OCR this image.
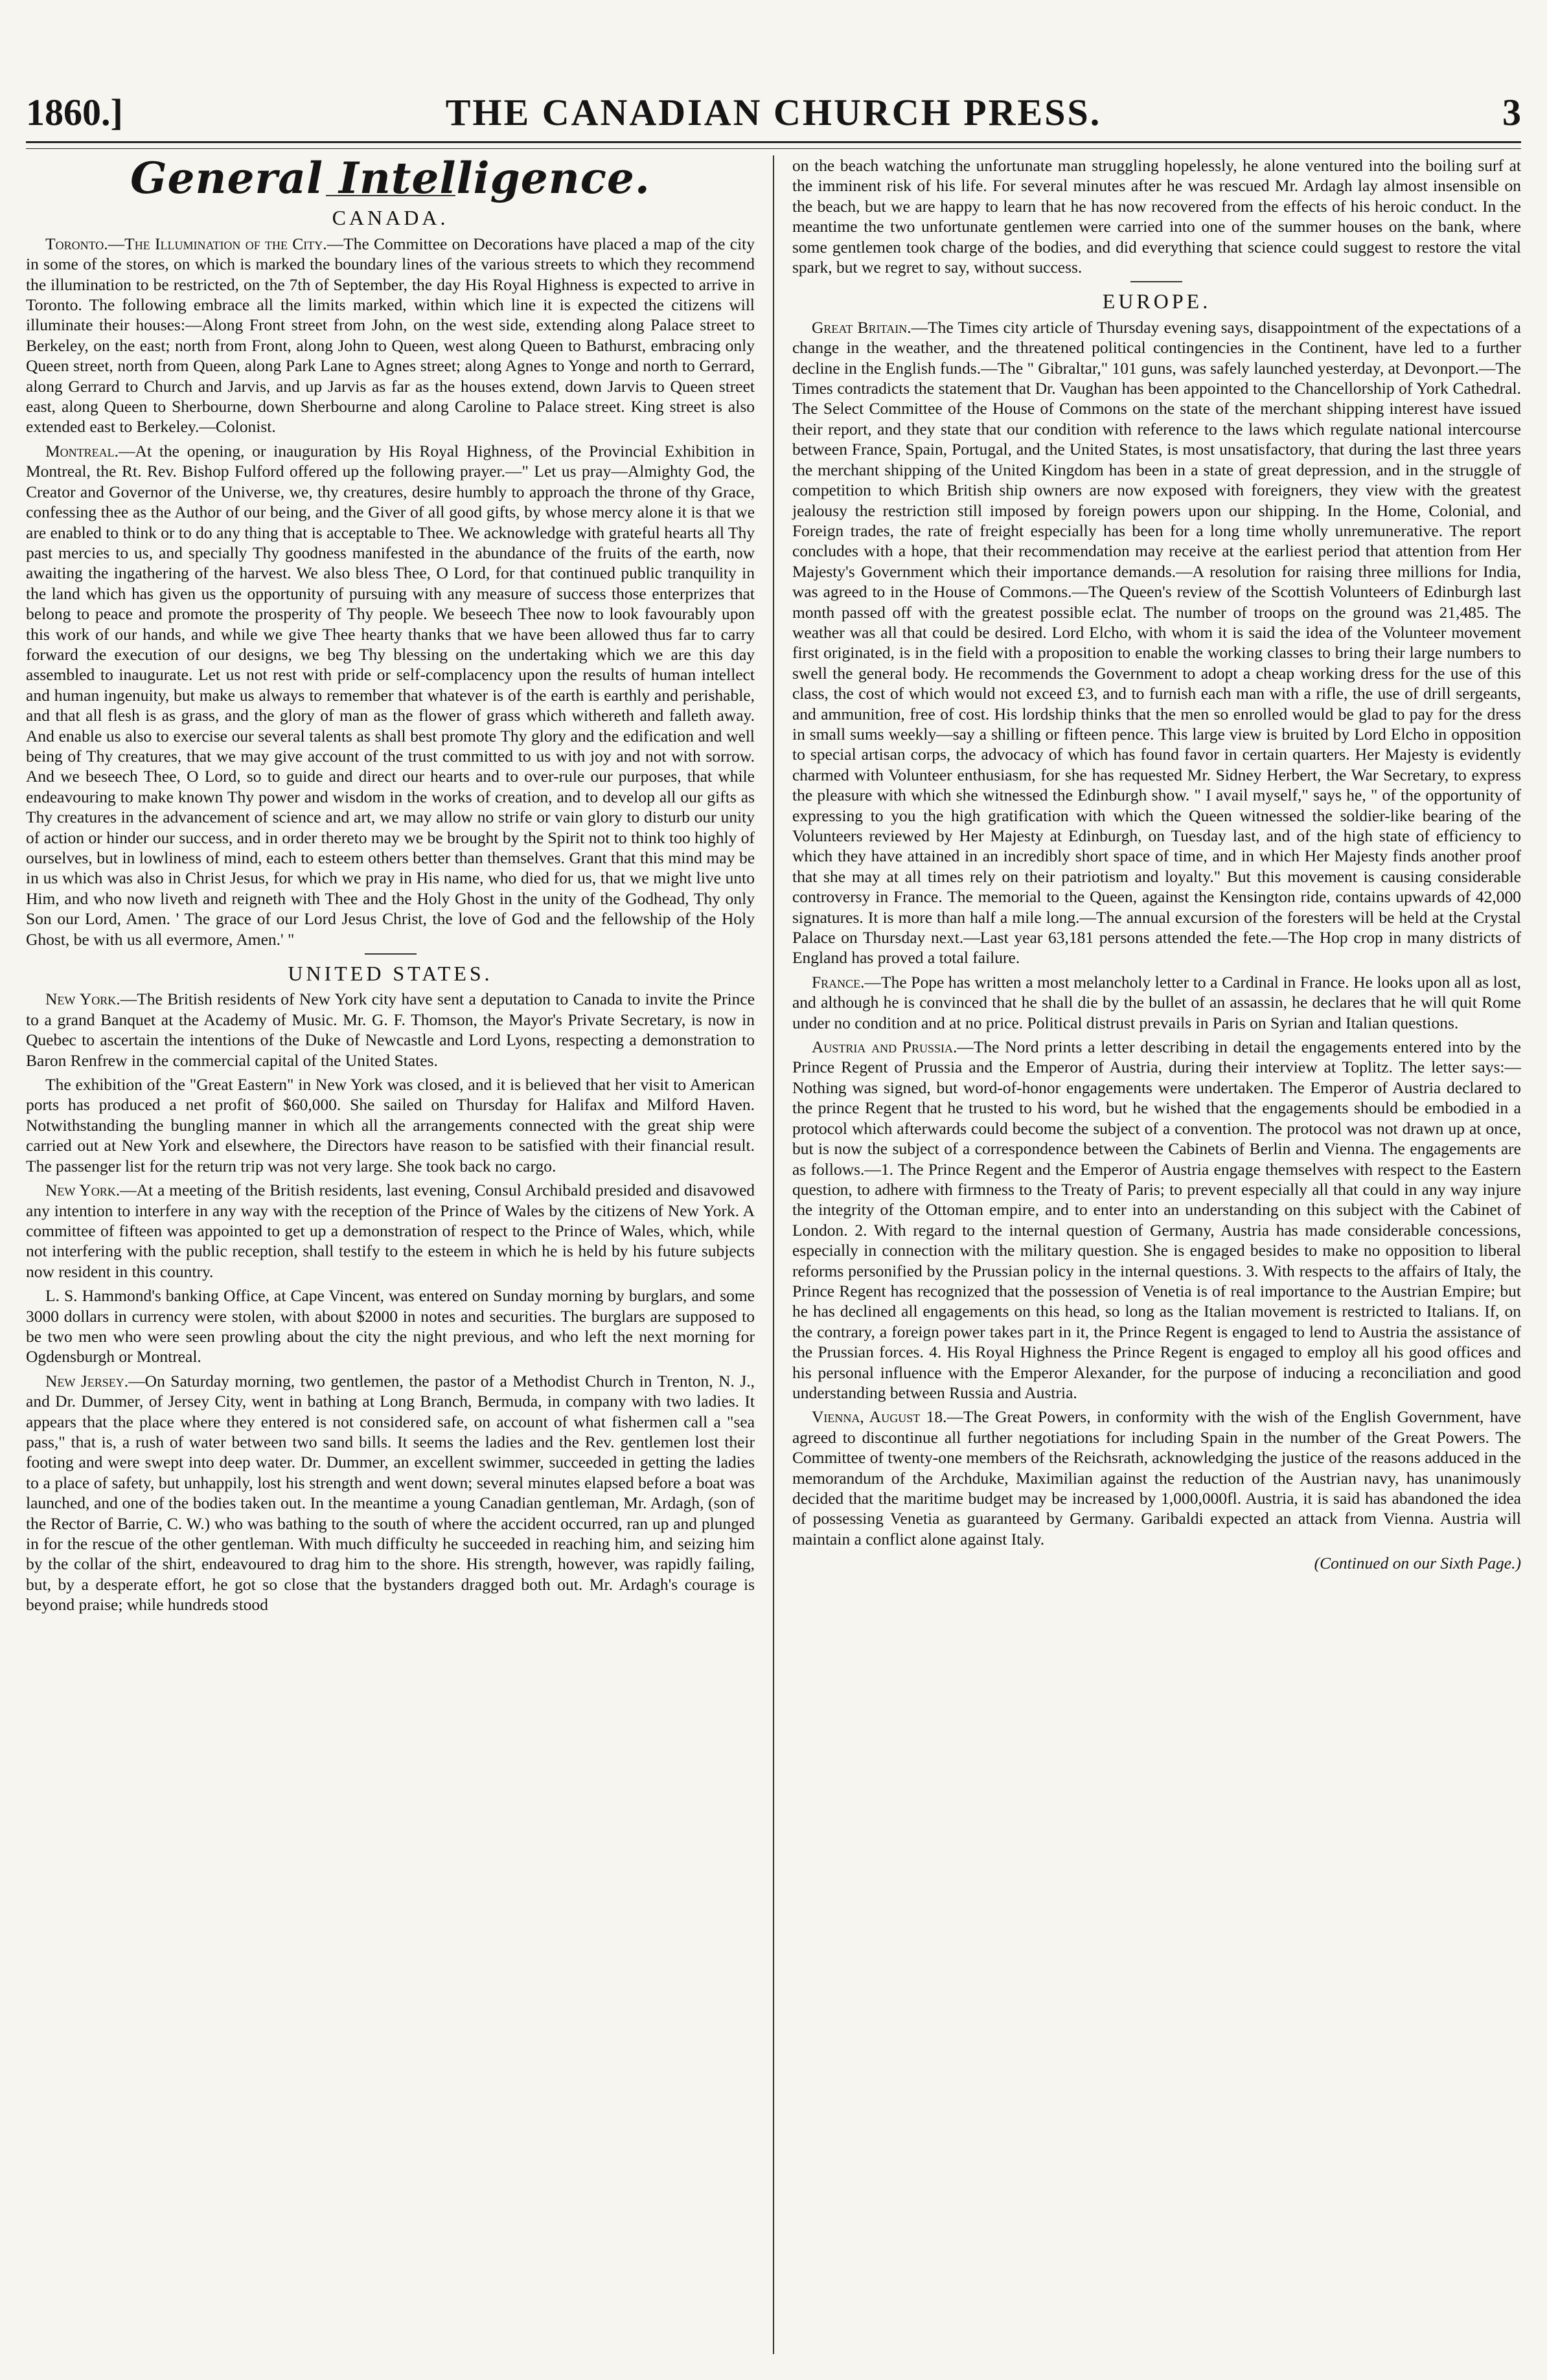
1860.]	THE CANADIAN CHURCH PRESS.	3
General Intelligence.
CANADA.

Toronto.—The Illumination of the City.—The Committee on Decorations have placed a map of the city in some of the stores, on which is marked the boundary lines of the various streets to which they recommend the illumination to be restricted, on the 7th of September, the day His Royal Highness is expected to arrive in Toronto. The following embrace all the limits marked, within which line it is expected the citizens will illuminate their houses:—Along Front street from John, on the west side, extending along Palace street to Berkeley, on the east; north from Front, along John to Queen, west along Queen to Bathurst, embracing only Queen street, north from Queen, along Park Lane to Agnes street; along Agnes to Yonge and north to Gerrard, along Gerrard to Church and Jarvis, and up Jarvis as far as the houses extend, down Jarvis to Queen street east, along Queen to Sherbourne, down Sherbourne and along Caroline to Palace street. King street is also extended east to Berkeley.—Colonist.

Montreal.—At the opening, or inauguration by His Royal Highness, of the Provincial Exhibition in Montreal, the Rt. Rev. Bishop Fulford offered up the following prayer.—" Let us pray—Almighty God, the Creator and Governor of the Universe, we, thy creatures, desire humbly to approach the throne of thy Grace, confessing thee as the Author of our being, and the Giver of all good gifts, by whose mercy alone it is that we are enabled to think or to do any thing that is acceptable to Thee. We acknowledge with grateful hearts all Thy past mercies to us, and specially Thy goodness manifested in the abundance of the fruits of the earth, now awaiting the ingathering of the harvest. We also bless Thee, O Lord, for that continued public tranquility in the land which has given us the opportunity of pursuing with any measure of success those enterprizes that belong to peace and promote the prosperity of Thy people. We beseech Thee now to look favourably upon this work of our hands, and while we give Thee hearty thanks that we have been allowed thus far to carry forward the execution of our designs, we beg Thy blessing on the undertaking which we are this day assembled to inaugurate. Let us not rest with pride or self-complacency upon the results of human intellect and human ingenuity, but make us always to remember that whatever is of the earth is earthly and perishable, and that all flesh is as grass, and the glory of man as the flower of grass which withereth and falleth away. And enable us also to exercise our several talents as shall best promote Thy glory and the edification and well being of Thy creatures, that we may give account of the trust committed to us with joy and not with sorrow. And we beseech Thee, O Lord, so to guide and direct our hearts and to over-rule our purposes, that while endeavouring to make known Thy power and wisdom in the works of creation, and to develop all our gifts as Thy creatures in the advancement of science and art, we may allow no strife or vain glory to disturb our unity of action or hinder our success, and in order thereto may we be brought by the Spirit not to think too highly of ourselves, but in lowliness of mind, each to esteem others better than themselves. Grant that this mind may be in us which was also in Christ Jesus, for which we pray in His name, who died for us, that we might live unto Him, and who now liveth and reigneth with Thee and the Holy Ghost in the unity of the Godhead, Thy only Son our Lord, Amen. ' The grace of our Lord Jesus Christ, the love of God and the fellowship of the Holy Ghost, be with us all evermore, Amen.' "

UNITED STATES.

New York.—The British residents of New York city have sent a deputation to Canada to invite the Prince to a grand Banquet at the Academy of Music. Mr. G. F. Thomson, the Mayor's Private Secretary, is now in Quebec to ascertain the intentions of the Duke of Newcastle and Lord Lyons, respecting a demonstration to Baron Renfrew in the commercial capital of the United States.

The exhibition of the "Great Eastern" in New York was closed, and it is believed that her visit to American ports has produced a net profit of $60,000. She sailed on Thursday for Halifax and Milford Haven. Notwithstanding the bungling manner in which all the arrangements connected with the great ship were carried out at New York and elsewhere, the Directors have reason to be satisfied with their financial result. The passenger list for the return trip was not very large. She took back no cargo.

New York.—At a meeting of the British residents, last evening, Consul Archibald presided and disavowed any intention to interfere in any way with the reception of the Prince of Wales by the citizens of New York. A committee of fifteen was appointed to get up a demonstration of respect to the Prince of Wales, which, while not interfering with the public reception, shall testify to the esteem in which he is held by his future subjects now resident in this country.

L. S. Hammond's banking Office, at Cape Vincent, was entered on Sunday morning by burglars, and some 3000 dollars in currency were stolen, with about $2000 in notes and securities. The burglars are supposed to be two men who were seen prowling about the city the night previous, and who left the next morning for Ogdensburgh or Montreal.

New Jersey.—On Saturday morning, two gentlemen, the pastor of a Methodist Church in Trenton, N. J., and Dr. Dummer, of Jersey City, went in bathing at Long Branch, Bermuda, in company with two ladies. It appears that the place where they entered is not considered safe, on account of what fishermen call a "sea pass," that is, a rush of water between two sand bills. It seems the ladies and the Rev. gentlemen lost their footing and were swept into deep water. Dr. Dummer, an excellent swimmer, succeeded in getting the ladies to a place of safety, but unhappily, lost his strength and went down; several minutes elapsed before a boat was launched, and one of the bodies taken out. In the meantime a young Canadian gentleman, Mr. Ardagh, (son of the Rector of Barrie, C. W.) who was bathing to the south of where the accident occurred, ran up and plunged in for the rescue of the other gentleman. With much difficulty he succeeded in reaching him, and seizing him by the collar of the shirt, endeavoured to drag him to the shore. His strength, however, was rapidly failing, but, by a desperate effort, he got so close that the bystanders dragged both out. Mr. Ardagh's courage is beyond praise; while hundreds stood

on the beach watching the unfortunate man struggling hopelessly, he alone ventured into the boiling surf at the imminent risk of his life. For several minutes after he was rescued Mr. Ardagh lay almost insensible on the beach, but we are happy to learn that he has now recovered from the effects of his heroic conduct. In the meantime the two unfortunate gentlemen were carried into one of the summer houses on the bank, where some gentlemen took charge of the bodies, and did everything that science could suggest to restore the vital spark, but we regret to say, without success.

EUROPE.

Great Britain.—The Times city article of Thursday evening says, disappointment of the expectations of a change in the weather, and the threatened political contingencies in the Continent, have led to a further decline in the English funds.—The " Gibraltar," 101 guns, was safely launched yesterday, at Devonport.—The Times contradicts the statement that Dr. Vaughan has been appointed to the Chancellorship of York Cathedral. The Select Committee of the House of Commons on the state of the merchant shipping interest have issued their report, and they state that our condition with reference to the laws which regulate national intercourse between France, Spain, Portugal, and the United States, is most unsatisfactory, that during the last three years the merchant shipping of the United Kingdom has been in a state of great depression, and in the struggle of competition to which British ship owners are now exposed with foreigners, they view with the greatest jealousy the restriction still imposed by foreign powers upon our shipping. In the Home, Colonial, and Foreign trades, the rate of freight especially has been for a long time wholly unremunerative. The report concludes with a hope, that their recommendation may receive at the earliest period that attention from Her Majesty's Government which their importance demands.—A resolution for raising three millions for India, was agreed to in the House of Commons.—The Queen's review of the Scottish Volunteers of Edinburgh last month passed off with the greatest possible eclat. The number of troops on the ground was 21,485. The weather was all that could be desired. Lord Elcho, with whom it is said the idea of the Volunteer movement first originated, is in the field with a proposition to enable the working classes to bring their large numbers to swell the general body. He recommends the Government to adopt a cheap working dress for the use of this class, the cost of which would not exceed £3, and to furnish each man with a rifle, the use of drill sergeants, and ammunition, free of cost. His lordship thinks that the men so enrolled would be glad to pay for the dress in small sums weekly—say a shilling or fifteen pence. This large view is bruited by Lord Elcho in opposition to special artisan corps, the advocacy of which has found favor in certain quarters. Her Majesty is evidently charmed with Volunteer enthusiasm, for she has requested Mr. Sidney Herbert, the War Secretary, to express the pleasure with which she witnessed the Edinburgh show. " I avail myself," says he, " of the opportunity of expressing to you the high gratification with which the Queen witnessed the soldier-like bearing of the Volunteers reviewed by Her Majesty at Edinburgh, on Tuesday last, and of the high state of efficiency to which they have attained in an incredibly short space of time, and in which Her Majesty finds another proof that she may at all times rely on their patriotism and loyalty." But this movement is causing considerable controversy in France. The memorial to the Queen, against the Kensington ride, contains upwards of 42,000 signatures. It is more than half a mile long.—The annual excursion of the foresters will be held at the Crystal Palace on Thursday next.—Last year 63,181 persons attended the fete.—The Hop crop in many districts of England has proved a total failure.

France.—The Pope has written a most melancholy letter to a Cardinal in France. He looks upon all as lost, and although he is convinced that he shall die by the bullet of an assassin, he declares that he will quit Rome under no condition and at no price. Political distrust prevails in Paris on Syrian and Italian questions.

Austria and Prussia.—The Nord prints a letter describing in detail the engagements entered into by the Prince Regent of Prussia and the Emperor of Austria, during their interview at Toplitz. The letter says:—Nothing was signed, but word-of-honor engagements were undertaken. The Emperor of Austria declared to the prince Regent that he trusted to his word, but he wished that the engagements should be embodied in a protocol which afterwards could become the subject of a convention. The protocol was not drawn up at once, but is now the subject of a correspondence between the Cabinets of Berlin and Vienna. The engagements are as follows.—1. The Prince Regent and the Emperor of Austria engage themselves with respect to the Eastern question, to adhere with firmness to the Treaty of Paris; to prevent especially all that could in any way injure the integrity of the Ottoman empire, and to enter into an understanding on this subject with the Cabinet of London. 2. With regard to the internal question of Germany, Austria has made considerable concessions, especially in connection with the military question. She is engaged besides to make no opposition to liberal reforms personified by the Prussian policy in the internal questions. 3. With respects to the affairs of Italy, the Prince Regent has recognized that the possession of Venetia is of real importance to the Austrian Empire; but he has declined all engagements on this head, so long as the Italian movement is restricted to Italians. If, on the contrary, a foreign power takes part in it, the Prince Regent is engaged to lend to Austria the assistance of the Prussian forces. 4. His Royal Highness the Prince Regent is engaged to employ all his good offices and his personal influence with the Emperor Alexander, for the purpose of inducing a reconciliation and good understanding between Russia and Austria.

Vienna, August 18.—The Great Powers, in conformity with the wish of the English Government, have agreed to discontinue all further negotiations for including Spain in the number of the Great Powers. The Committee of twenty-one members of the Reichsrath, acknowledging the justice of the reasons adduced in the memorandum of the Archduke, Maximilian against the reduction of the Austrian navy, has unanimously decided that the maritime budget may be increased by 1,000,000fl. Austria, it is said has abandoned the idea of possessing Venetia as guaranteed by Germany. Garibaldi expected an attack from Vienna. Austria will maintain a conflict alone against Italy.

(Continued on our Sixth Page.)
